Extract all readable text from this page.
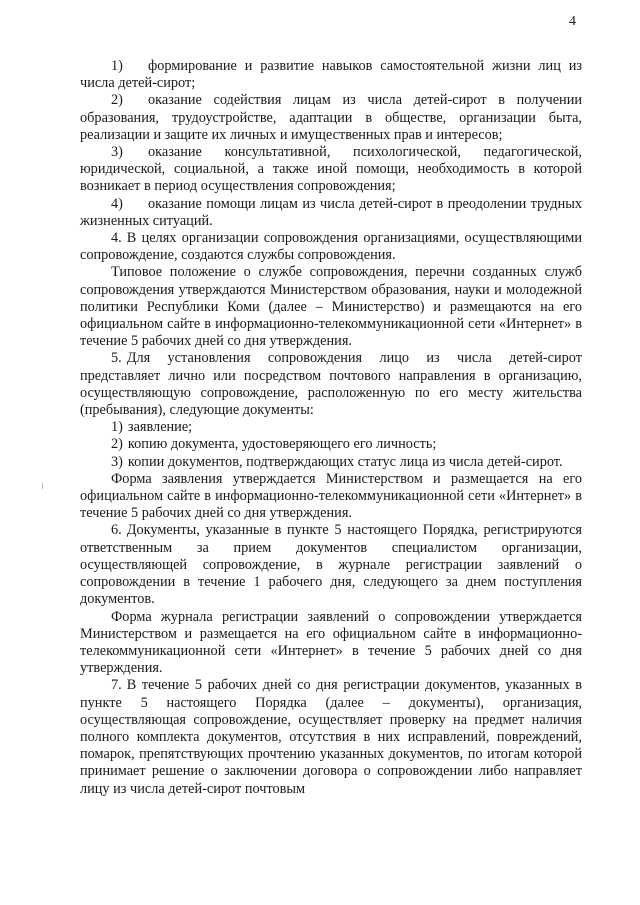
4

1) формирование и развитие навыков самостоятельной жизни лиц из числа детей-сирот;

2) оказание содействия лицам из числа детей-сирот в получении образования, трудоустройстве, адаптации в обществе, организации быта, реализации и защите их личных и имущественных прав и интересов;

3) оказание консультативной, психологической, педагогической, юридической, социальной, а также иной помощи, необходимость в которой возникает в период осуществления сопровождения;

4) оказание помощи лицам из числа детей-сирот в преодолении трудных жизненных ситуаций.

4. В целях организации сопровождения организациями, осуществляющими сопровождение, создаются службы сопровождения.

Типовое положение о службе сопровождения, перечни созданных служб сопровождения утверждаются Министерством образования, науки и молодежной политики Республики Коми (далее – Министерство) и размещаются на его официальном сайте в информационно-телекоммуникационной сети «Интернет» в течение 5 рабочих дней со дня утверждения.

5. Для установления сопровождения лицо из числа детей-сирот представляет лично или посредством почтового направления в организацию, осуществляющую сопровождение, расположенную по его месту жительства (пребывания), следующие документы:

1) заявление;

2) копию документа, удостоверяющего его личность;

3) копии документов, подтверждающих статус лица из числа детей-сирот.

Форма заявления утверждается Министерством и размещается на его официальном сайте в информационно-телекоммуникационной сети «Интернет» в течение 5 рабочих дней со дня утверждения.

6. Документы, указанные в пункте 5 настоящего Порядка, регистрируются ответственным за прием документов специалистом организации, осуществляющей сопровождение, в журнале регистрации заявлений о сопровождении в течение 1 рабочего дня, следующего за днем поступления документов.

Форма журнала регистрации заявлений о сопровождении утверждается Министерством и размещается на его официальном сайте в информационно-телекоммуникационной сети «Интернет» в течение 5 рабочих дней со дня утверждения.

7. В течение 5 рабочих дней со дня регистрации документов, указанных в пункте 5 настоящего Порядка (далее – документы), организация, осуществляющая сопровождение, осуществляет проверку на предмет наличия полного комплекта документов, отсутствия в них исправлений, повреждений, помарок, препятствующих прочтению указанных документов, по итогам которой принимает решение о заключении договора о сопровождении либо направляет лицу из числа детей-сирот почтовым
